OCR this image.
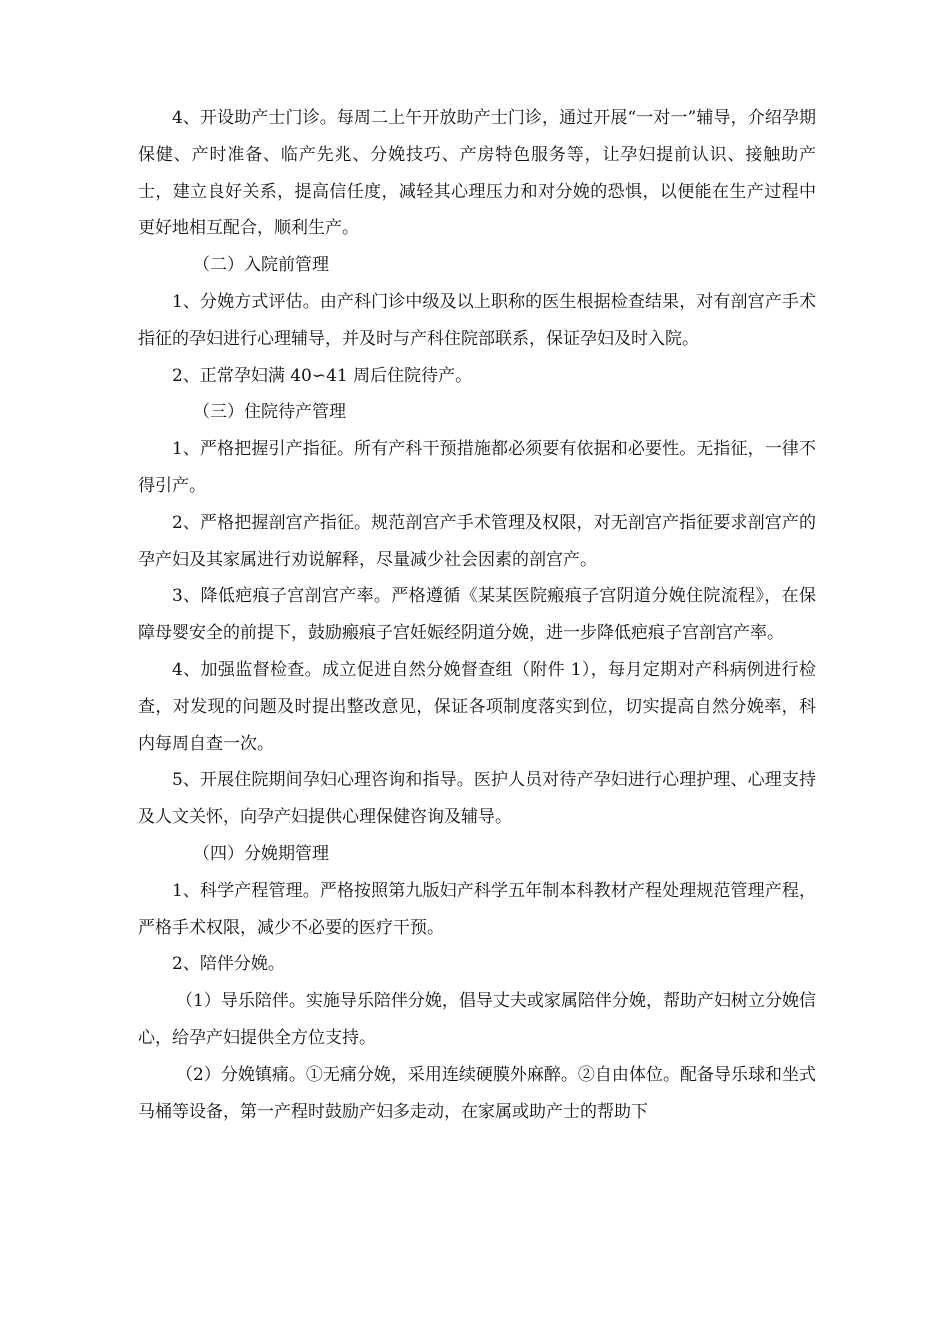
4、开设助产士门诊。每周二上午开放助产士门诊，通过开展“一对一”辅导，介绍孕期保健、产时准备、临产先兆、分娩技巧、产房特色服务等，让孕妇提前认识、接触助产士，建立良好关系，提高信任度，减轻其心理压力和对分娩的恐惧，以便能在生产过程中更好地相互配合，顺利生产。

（二）入院前管理

1、分娩方式评估。由产科门诊中级及以上职称的医生根据检查结果，对有剖宫产手术指征的孕妇进行心理辅导，并及时与产科住院部联系，保证孕妇及时入院。

2、正常孕妇满 40∽41 周后住院待产。

（三）住院待产管理

1、严格把握引产指征。所有产科干预措施都必须要有依据和必要性。无指征，一律不得引产。

2、严格把握剖宫产指征。规范剖宫产手术管理及权限，对无剖宫产指征要求剖宫产的孕产妇及其家属进行劝说解释，尽量减少社会因素的剖宫产。

3、降低疤痕子宫剖宫产率。严格遵循《某某医院瘢痕子宫阴道分娩住院流程》，在保障母婴安全的前提下，鼓励瘢痕子宫妊娠经阴道分娩，进一步降低疤痕子宫剖宫产率。

4、加强监督检查。成立促进自然分娩督查组（附件 1），每月定期对产科病例进行检查，对发现的问题及时提出整改意见，保证各项制度落实到位，切实提高自然分娩率，科内每周自查一次。

5、开展住院期间孕妇心理咨询和指导。医护人员对待产孕妇进行心理护理、心理支持及人文关怀，向孕产妇提供心理保健咨询及辅导。

（四）分娩期管理

1、科学产程管理。严格按照第九版妇产科学五年制本科教材产程处理规范管理产程，严格手术权限，减少不必要的医疗干预。

2、陪伴分娩。

（1）导乐陪伴。实施导乐陪伴分娩，倡导丈夫或家属陪伴分娩，帮助产妇树立分娩信心，给孕产妇提供全方位支持。

（2）分娩镇痛。①无痛分娩，采用连续硬膜外麻醉。②自由体位。配备导乐球和坐式马桶等设备，第一产程时鼓励产妇多走动，在家属或助产士的帮助下
